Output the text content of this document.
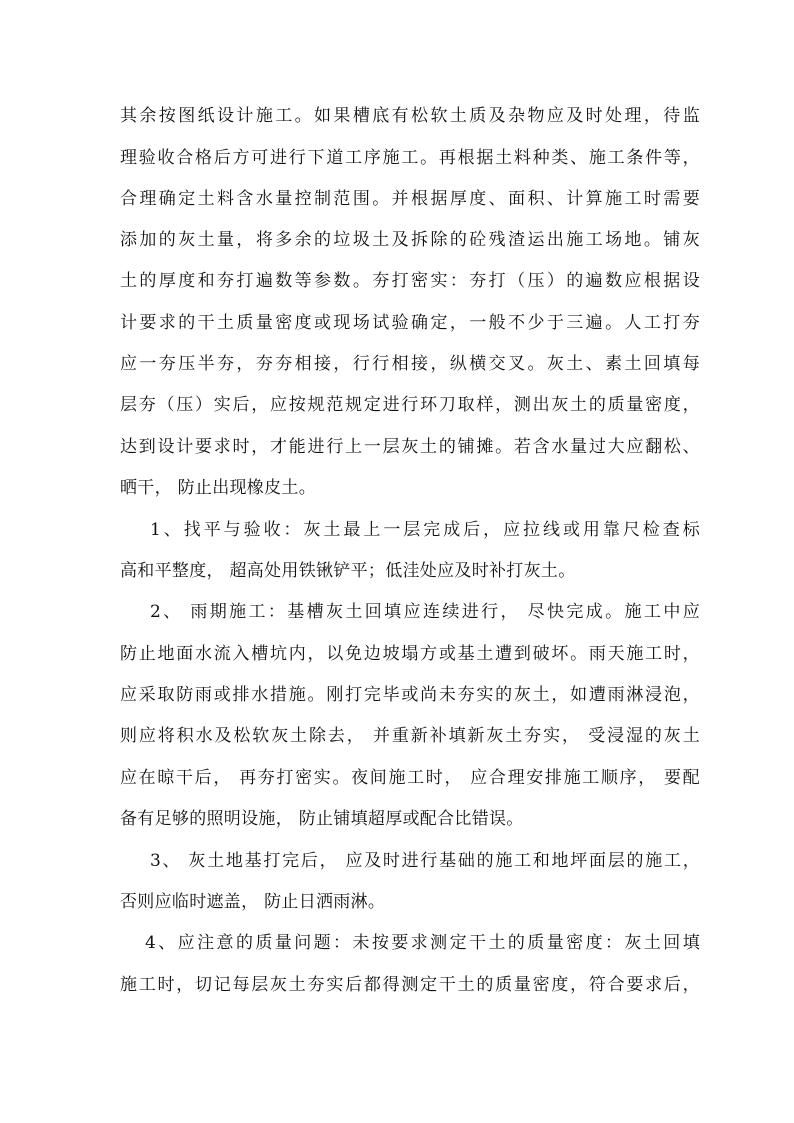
其余按图纸设计施工。如果槽底有松软土质及杂物应及时处理，待监
理验收合格后方可进行下道工序施工。再根据土料种类、施工条件等，
合理确定土料含水量控制范围。并根据厚度、面积、计算施工时需要
添加的灰土量，将多余的垃圾土及拆除的砼残渣运出施工场地。铺灰
土的厚度和夯打遍数等参数。夯打密实：夯打（压）的遍数应根据设
计要求的干土质量密度或现场试验确定，一般不少于三遍。人工打夯
应一夯压半夯，夯夯相接，行行相接，纵横交叉。灰土、素土回填每
层夯（压）实后，应按规范规定进行环刀取样，测出灰土的质量密度，
达到设计要求时，才能进行上一层灰土的铺摊。若含水量过大应翻松、
晒干， 防止出现橡皮土。
1、找平与验收：灰土最上一层完成后，应拉线或用靠尺检查标
高和平整度， 超高处用铁锹铲平；低洼处应及时补打灰土。
2、 雨期施工：基槽灰土回填应连续进行， 尽快完成。施工中应
防止地面水流入槽坑内，以免边坡塌方或基土遭到破坏。雨天施工时，
应采取防雨或排水措施。刚打完毕或尚未夯实的灰土，如遭雨淋浸泡，
则应将积水及松软灰土除去， 并重新补填新灰土夯实， 受浸湿的灰土
应在晾干后， 再夯打密实。夜间施工时， 应合理安排施工顺序， 要配
备有足够的照明设施， 防止铺填超厚或配合比错误。
3、 灰土地基打完后， 应及时进行基础的施工和地坪面层的施工，
否则应临时遮盖， 防止日洒雨淋。
4、应注意的质量问题：未按要求测定干土的质量密度：灰土回填
施工时，切记每层灰土夯实后都得测定干土的质量密度，符合要求后，
